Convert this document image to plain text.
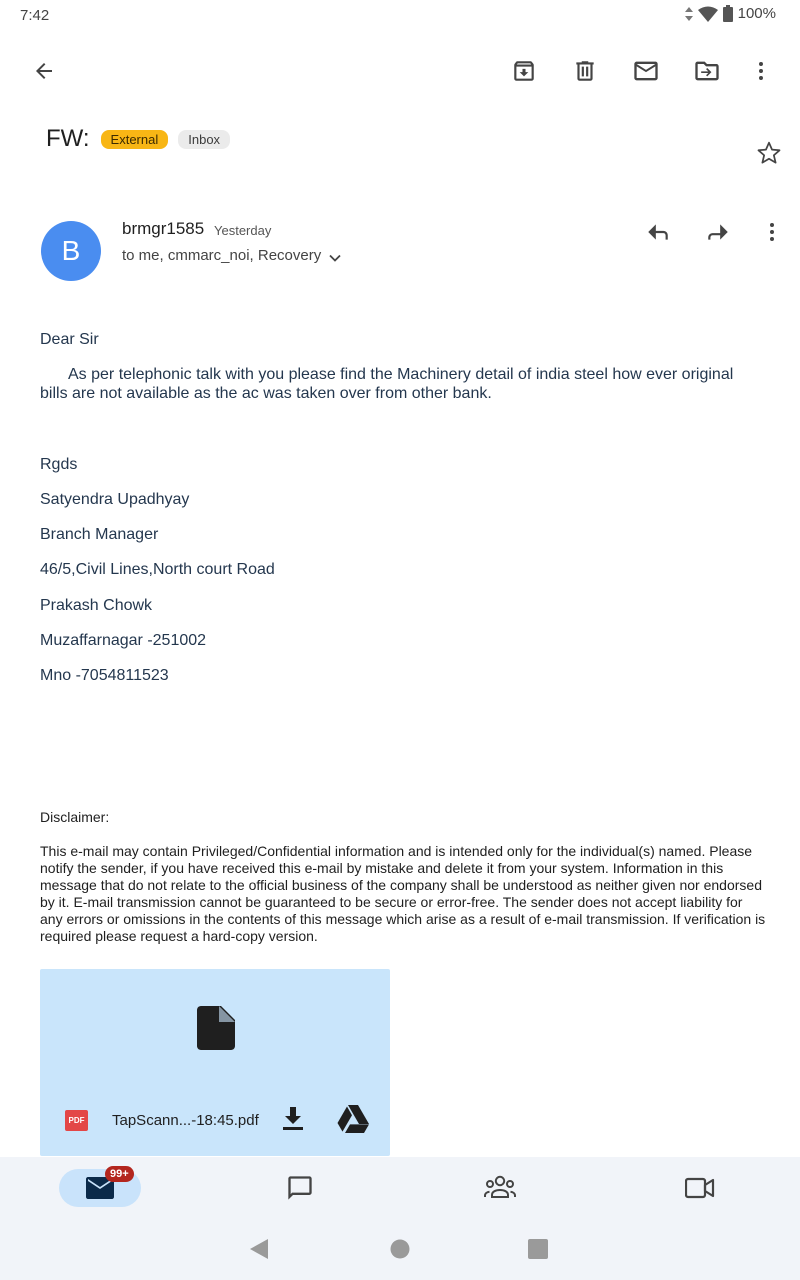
7:42	100%
FW:	External	Inbox
B
brmgr1585 Yesterday
to me, cmmarc_noi, Recovery
Dear Sir
As per telephonic talk with you please find the Machinery detail of india steel how ever original bills are not available as the ac was taken over from other bank.
Rgds
Satyendra Upadhyay
Branch Manager
46/5,Civil Lines,North court Road
Prakash Chowk
Muzaffarnagar -251002
Mno -7054811523
Disclaimer:
This e-mail may contain Privileged/Confidential information and is intended only for the individual(s) named. Please notify the sender, if you have received this e-mail by mistake and delete it from your system. Information in this message that do not relate to the official business of the company shall be understood as neither given nor endorsed by it. E-mail transmission cannot be guaranteed to be secure or error-free. The sender does not accept liability for any errors or omissions in the contents of this message which arise as a result of e-mail transmission. If verification is required please request a hard-copy version.
PDF TapScann...-18:45.pdf
99+
